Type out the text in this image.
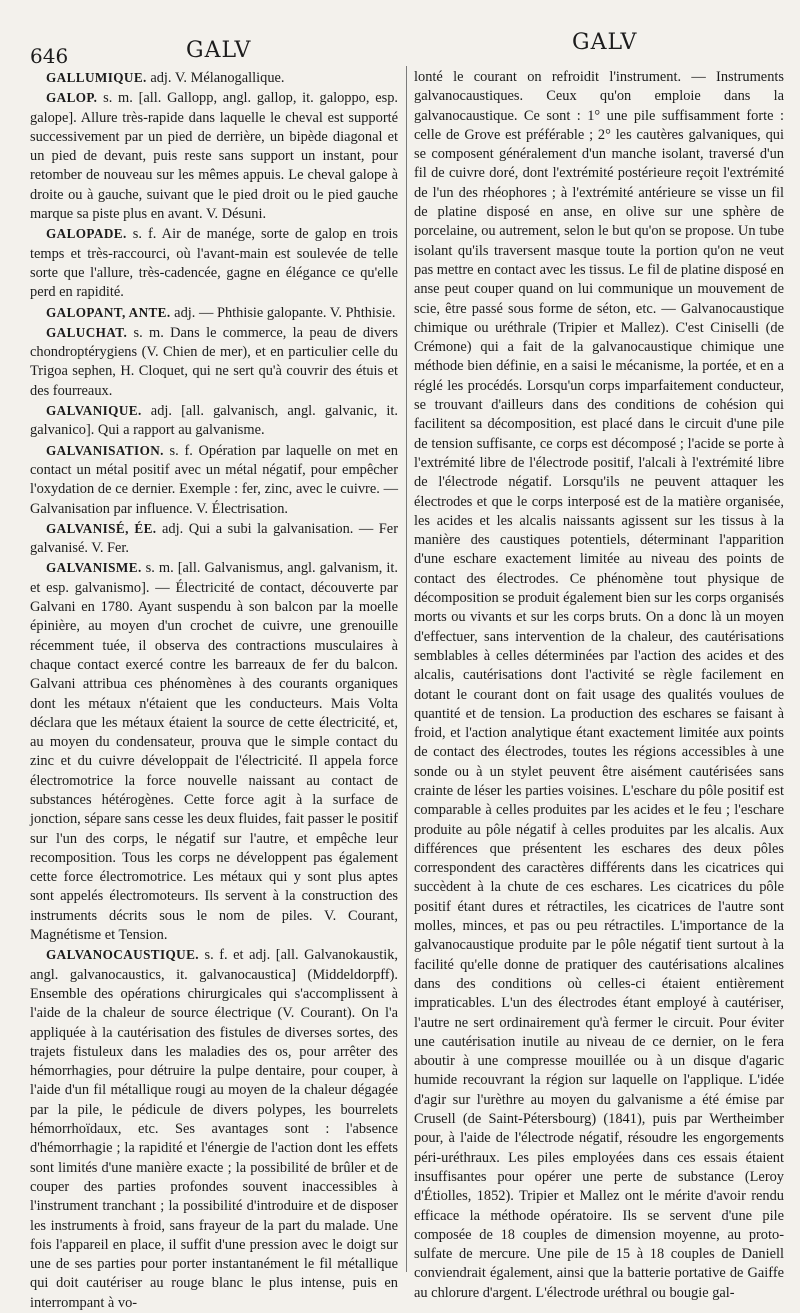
646	GALV	GALV

GALLUMIQUE. adj. V. Mélanogallique.

GALOP. s. m. [all. Gallopp, angl. gallop, it. galoppo, esp. galope]. Allure très-rapide dans laquelle le cheval est supporté successivement par un pied de derrière, un bipède diagonal et un pied de devant, puis reste sans support un instant, pour retomber de nouveau sur les mêmes appuis. Le cheval galope à droite ou à gauche, suivant que le pied droit ou le pied gauche marque sa piste plus en avant. V. Désuni.

GALOPADE. s. f. Air de manége, sorte de galop en trois temps et très-raccourci, où l'avant-main est soulevée de telle sorte que l'allure, très-cadencée, gagne en élégance ce qu'elle perd en rapidité.

GALOPANT, ANTE. adj. — Phthisie galopante. V. Phthisie.

GALUCHAT. s. m. Dans le commerce, la peau de divers chondroptérygiens (V. Chien de mer), et en particulier celle du Trigoa sephen, H. Cloquet, qui ne sert qu'à couvrir des étuis et des fourreaux.

GALVANIQUE. adj. [all. galvanisch, angl. galvanic, it. galvanico]. Qui a rapport au galvanisme.

GALVANISATION. s. f. Opération par laquelle on met en contact un métal positif avec un métal négatif, pour empêcher l'oxydation de ce dernier. Exemple : fer, zinc, avec le cuivre. — Galvanisation par influence. V. Électrisation.

GALVANISÉ, ÉE. adj. Qui a subi la galvanisation. — Fer galvanisé. V. Fer.

GALVANISME. s. m. [all. Galvanismus, angl. galvanism, it. et esp. galvanismo]. — Électricité de contact, découverte par Galvani en 1780. Ayant suspendu à son balcon par la moelle épinière, au moyen d'un crochet de cuivre, une grenouille récemment tuée, il observa des contractions musculaires à chaque contact exercé contre les barreaux de fer du balcon. Galvani attribua ces phénomènes à des courants organiques dont les métaux n'étaient que les conducteurs. Mais Volta déclara que les métaux étaient la source de cette électricité, et, au moyen du condensateur, prouva que le simple contact du zinc et du cuivre développait de l'électricité. Il appela force électromotrice la force nouvelle naissant au contact de substances hétérogènes. Cette force agit à la surface de jonction, sépare sans cesse les deux fluides, fait passer le positif sur l'un des corps, le négatif sur l'autre, et empêche leur recomposition. Tous les corps ne développent pas également cette force électromotrice. Les métaux qui y sont plus aptes sont appelés électromoteurs. Ils servent à la construction des instruments décrits sous le nom de piles. V. Courant, Magnétisme et Tension.

GALVANOCAUSTIQUE. s. f. et adj. [all. Galvanokaustik, angl. galvanocaustics, it. galvanocaustica] (Middeldorpff). Ensemble des opérations chirurgicales qui s'accomplissent à l'aide de la chaleur de source électrique (V. Courant). On l'a appliquée à la cautérisation des fistules de diverses sortes, des trajets fistuleux dans les maladies des os, pour arrêter des hémorrhagies, pour détruire la pulpe dentaire, pour couper, à l'aide d'un fil métallique rougi au moyen de la chaleur dégagée par la pile, le pédicule de divers polypes, les bourrelets hémorrhoïdaux, etc. Ses avantages sont : l'absence d'hémorrhagie ; la rapidité et l'énergie de l'action dont les effets sont limités d'une manière exacte ; la possibilité de brûler et de couper des parties profondes souvent inaccessibles à l'instrument tranchant ; la possibilité d'introduire et de disposer les instruments à froid, sans frayeur de la part du malade. Une fois l'appareil en place, il suffit d'une pression avec le doigt sur une de ses parties pour porter instantanément le fil métallique qui doit cautériser au rouge blanc le plus intense, puis en interrompant à vo-

lonté le courant on refroidit l'instrument. — Instruments galvanocaustiques. Ceux qu'on emploie dans la galvanocaustique. Ce sont : 1° une pile suffisamment forte : celle de Grove est préférable ; 2° les cautères galvaniques, qui se composent généralement d'un manche isolant, traversé d'un fil de cuivre doré, dont l'extrémité postérieure reçoit l'extrémité de l'un des rhéophores ; à l'extrémité antérieure se visse un fil de platine disposé en anse, en olive sur une sphère de porcelaine, ou autrement, selon le but qu'on se propose. Un tube isolant qu'ils traversent masque toute la portion qu'on ne veut pas mettre en contact avec les tissus. Le fil de platine disposé en anse peut couper quand on lui communique un mouvement de scie, être passé sous forme de séton, etc. — Galvanocaustique chimique ou uréthrale (Tripier et Mallez). C'est Ciniselli (de Crémone) qui a fait de la galvanocaustique chimique une méthode bien définie, en a saisi le mécanisme, la portée, et en a réglé les procédés. Lorsqu'un corps imparfaitement conducteur, se trouvant d'ailleurs dans des conditions de cohésion qui facilitent sa décomposition, est placé dans le circuit d'une pile de tension suffisante, ce corps est décomposé ; l'acide se porte à l'extrémité libre de l'électrode positif, l'alcali à l'extrémité libre de l'électrode négatif. Lorsqu'ils ne peuvent attaquer les électrodes et que le corps interposé est de la matière organisée, les acides et les alcalis naissants agissent sur les tissus à la manière des caustiques potentiels, déterminant l'apparition d'une eschare exactement limitée au niveau des points de contact des électrodes. Ce phénomène tout physique de décomposition se produit également bien sur les corps organisés morts ou vivants et sur les corps bruts. On a donc là un moyen d'effectuer, sans intervention de la chaleur, des cautérisations semblables à celles déterminées par l'action des acides et des alcalis, cautérisations dont l'activité se règle facilement en dotant le courant dont on fait usage des qualités voulues de quantité et de tension. La production des eschares se faisant à froid, et l'action analytique étant exactement limitée aux points de contact des électrodes, toutes les régions accessibles à une sonde ou à un stylet peuvent être aisément cautérisées sans crainte de léser les parties voisines. L'eschare du pôle positif est comparable à celles produites par les acides et le feu ; l'eschare produite au pôle négatif à celles produites par les alcalis. Aux différences que présentent les eschares des deux pôles correspondent des caractères différents dans les cicatrices qui succèdent à la chute de ces eschares. Les cicatrices du pôle positif étant dures et rétractiles, les cicatrices de l'autre sont molles, minces, et pas ou peu rétractiles. L'importance de la galvanocaustique produite par le pôle négatif tient surtout à la facilité qu'elle donne de pratiquer des cautérisations alcalines dans des conditions où celles-ci étaient entièrement impraticables. L'un des électrodes étant employé à cautériser, l'autre ne sert ordinairement qu'à fermer le circuit. Pour éviter une cautérisation inutile au niveau de ce dernier, on le fera aboutir à une compresse mouillée ou à un disque d'agaric humide recouvrant la région sur laquelle on l'applique. L'idée d'agir sur l'urèthre au moyen du galvanisme a été émise par Crusell (de Saint-Pétersbourg) (1841), puis par Wertheimber pour, à l'aide de l'électrode négatif, résoudre les engorgements péri-uréthraux. Les piles employées dans ces essais étaient insuffisantes pour opérer une perte de substance (Leroy d'Étiolles, 1852). Tripier et Mallez ont le mérite d'avoir rendu efficace la méthode opératoire. Ils se servent d'une pile composée de 18 couples de dimension moyenne, au proto-sulfate de mercure. Une pile de 15 à 18 couples de Daniell conviendrait également, ainsi que la batterie portative de Gaiffe au chlorure d'argent. L'électrode uréthral ou bougie gal-
